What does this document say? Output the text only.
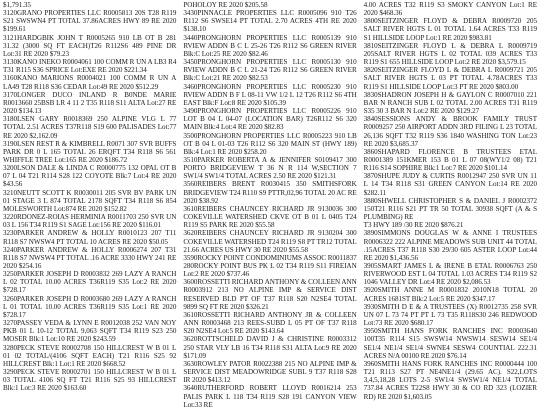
$1,791.35

3120GRANO PROPERTIES LLC R0005813 20S T28 R119 S21 SWSWN4 PT TOTAL 37.86ACRES HWY 89 RE 2020 $199.61

3121HARDGBIK JOHN T R0005265 910 LB OT B 281 31.32 (3000 SQ FT EACH)T26 R112S6 489 PINE DR Lot:31 RE 2020 $79.23

3130KANO INEKO R0004061 100 COMM R UN A LB3 R4 T31 R115 S36 SPRICE Lot:EXE RE 2020 $221.34

3160KANO MARIONS R0004021 100 COMM R UN A LA49 T28 R118 S36 CEDAR Lot:49 RE 2020 $512.29

3170LONGER DUCO INLAND R B0NDE MARIE R0013660 25BSB LR 4 11 2 T35 R118 S11 ALTA Lot:27 RE 2020 $134.13

3180LSEN GARY R0018369 250 ALPINE VLG L 77 TOTAL 2.51 ACRES T37R118 S19 600 PALISADES Lot:77 RE 2020 $2,162.09

3190LSEN REST R & KIMBRELL R0071 307 SVR BUFFS PARK DR 0 L 165 TOTAL 26 ERQFT T34 R118 S6 561 WHIFFLE TREE Lot:165 RE 2020 $186.72

3200LSON DALE & LINDA C R0000775 132 OPAL OT B 07 L 04 T21 R114 S28 122 COYOTE Blk:7 Lot:4 RE 2020 $43.56

3210NEUTT SCOTT K R0030011 205 SVR BV PARK UN 01 STAGE 3 L 874 TOTAL 2178 SQFT T34 R118 S6 854 MOLESWORTH Lot:874 RE 2020 $152.82

3220RDONEZ-ROIAS HERMINIA R0011703 250 SVR UN 03 L 156 T34 R119 S1 SAGE Lot:156 RE 2020 $116.01

3230PARKER ANDREW & HOLLY R0010123 207 T11 R118 S7 NWSW4 PT TOTAL 10 ACRES RE 2020 $50.05

3240PARKER ANDREW & HOLLY R0006274 207 T31 R118 S7 NWSW4 PT TOTAL .16 ACRE 3330 HWY 241 RE 2020 $254.16

3250PARKER JOSEPH D R0003832 269 LAZY A RANCH L 02 TOTAL 10.00 ACRES T36R119 S35 Lot:2 RE 2020 $728.17

3260PARKER JOSEPH D R0003680 269 LAZY A RANCH L 01 TOTAL 10.00 ACRES T36R119 S35 Lot:1 RE 2020 $728.17

3270PASSEY VEDA & LYNN E R0012038 252 VAN NOY PKB 01 L 10-12 TOTAL 9,063 SQFT T34 R119 S23 250 MOSER Blk:1 Lot:10 RE 2020 $243.59

3280PECK STEVE R0002708 150 HILLCREST W B 01 L 01 02 TOTAL/(4106 SQFT EACH) T21 R116 S25 92 HILLCREST Blk:1 Lot:1 RE 2020 $668.52

3290PECK STEVE R0002701 150 HILLCREST W B 01 L 03 TOTAL 4106 SQ FT T21 R116 S25 93 HILLCREST Blk:1 Lot:3 RE 2020 $163.60

POHOLOY RE 2020 $205.58

3430PINNACLE PROPERTIES LLC R0005096 910 T26 R112 S6 SWSE14 PT TOTAL 2.70 ACRES 4TH RE 2020 $138.10

3440PRONGHORN PROPERTIES LLC R0005139 910 RVIEW ADDN B C L 25-26 T26 R112 S6 GREEN RIVER Blk:C Lot:25 RE 2020 $82.46

3450PRONGHORN PROPERTIES LLC R0005130 910 RVIEW ADDN B C L 21-24 T26 R112 S6 GREEN RIVER Blk:C Lot:21 RE 2020 $82.53

3460PRONGHORN PROPERTIES LLC R0005230 910 RVIEW ADDN B F L 08-11 VW 1/2 L 12 T26 R112 S6 4TH EAST Blk:F Lot:8 RE 2020 $105.39

3490PRONGHORN PROPERTIES LLC R0005226 910 LOT B 04 L 04-07 (LOCATION BAR) T26R112 S6 320 MAIN Blk:4 Lot:4 RE 2020 $82.83

3500PRONGHORN PROPERTIES LLC R0005223 910 LB OT B 04 L 01-03 T26 R112 S6 320 MAIN ST (HWY 189) Blk:4 Lot:1 RE 2020 $258.20

3510PARKER ROBERTA A & JENNIFER S0109417 300 PORTO BRIDGEVIEW T 36 N R 114 W,SECTION 7 SW1/4 SW1/4 TOTAL ACRES 2.50 RE 2020 $121.31

3560REIBERS BRENT R0030415 350 SMITHSFORK BRIDGEVIEW T24 R110 S9 PTTR,02,96 TOTAL 20 AC RE 2020 $38.92

3610REIBERS CHAUNCEY RICHARD JR 9130036 300 COKEVILLE WATERSHED CKVE OT B 01 L 0405 T24 R119 S5 PARK RE 2020 $55.58

3620REIBERS CHAUNCEY RICHARD JR 9130204 300 COKEVILLE WATERSHED T24 R119 S8 PT TR12 TOTAL 21.66 ACRES US HWY 30 RE 2020 $55.58

3590ROCKY POINT CONDOMINIUMS ASSOC R0011837 280ROCKY POINT BUS PK L 02 T34 R119 S11 FIREIAN Lot:2 RE 2020 $737.46

3600ROSSETTI RICHARD ANTHONY & COLLEEN ANN R0003912 213 NO ALPINE IMP & SERVICE DIST RESERVED BLD PT OF T37 R118 S20 N2SE4 TOTAL 9899 SQ FT RE 2020 $326.21

3610ROSSETTI RICHARD ANTHONY JR & COLLEEN ANN R0003468 213 REES-SUBD L 05 PT OF T37 R118 S20 N2SE4 Lot:5 RE 2020 $143.64

3620ROTTSCHELD DAVID J & CHRISTINE R0003312 250 STAR VLY LB 16 T34 R118 S31 ALTA Lot:9 RE 2020 $171.09

3630ROWLEY PATOR R0022388 215 NO ALPINE IMP & SERVICE DIST MEADOWRIDGE SUBL 9 T37 R118 S28 IR 2020 $413.12

3640RUTHERFORD ROBERT LLOYD R0016214 253 PALIS PARK L 118 T34 R119 S28 191 CANYON VIEW Lot:33 RE

4.00 ACRES T32 R119 S3 SMOKY CANYON Lot:1 RE 2020 $468.36

3800SEITZINGER FLOYD & DEBRA R0009720 205 SALT RIVER HGTS L 01 TOTAL 1.64 ACRES T33 R119 S1 HILLSIDE LOOP Lot:1 RE 2020 $983.81

3810SEITZINGER FLOYD L & DEBRA L R0009719 205SALT RIVER HGTS L 02 TOTAL 039 ACRES T33 R119 S1 655 HILLSIDE LOOP Lot:2 RE 2020 $3,579.15

3820SEITZINGER FLOYD L & DEBRA L R0009721 205 SALT RIVER HGTS L 03 PT TOTAL 4.78ACRES T33 R119 S1 HILLSIDE LOOP Lot:3 PT RE 2020 $803.00

3830SHADRON JOSEPH H & GAYLON C R0007010 221 BAR N RANCH SUB L 02 TOTAL 2.00 ACRES T31 R119 S35 30 3 BAR N Lot:2 RE 2020 $129.27

3840SESSIONS ANDY & BROOK FAMILY TRUST R0009257 250 AIRPORT ADDN 3RD FILING L 23 TOTAL 26,136 SQFT T32 R119 S36 1840 WASHING TON Lot:23 RE 2020 $3,685.37

3860SHAPARD FLORENCE B TRUSTEES ETAL R0001389 151KMER 153 B 01 L 07 08(WY1/2 08) T21 R116 S14 SOPHIRE Blk:1 Lot:7 RE 2020 $101.14

3870SHUPE JUDY & CURTIS R0012947 250 SVR UN 11 L 14 T34 R118 S31 GREEN CANYON Lot:14 RE 2020 $282.11

3880SHWELL CHRISTOPHER S & DANIEL J R0002372 150T21 R116 S21 PT TR 50 TOTAL 30938 SQFT (A & S PLUMBING) RE

T3 HWY 189 /30 RE 2020 $876.21

3890SIMMONS DOUGLAS W & ANNE I TRUSTEES R0006322 222 ALPINE MEADOWS SUB UNIT 44 TOTAL .15ACRES T37 R118 S30 29/30 605 ASTER LOOP Lot:44 RE 2020 $1,436.56

3905SMART JAMES L & IRENE B ETAL R0006763 250 RIVERWOOD EST L 04 TOTAL 1.03 ACRES T34 R119 S2 1046 VALLEY DR Lot:4 RE 2020 $2,086.53

3920SMITH ANNE M R0001832 2010N18 TOTAL 20 ACRES 1681ST Blk:2 Lot:5 RE 2020 $347.17

3930SMITH D E & A TRUSTEES (X) R0012735 258 SVR UN 07 L 73 74 PT PT L 73 T35 R118S30 246 REDWOOD Lot:73 RE 2020 $680.17

3950SMITH HANS FORK RANCHES INC R0003640 100T35 R114 S15 SWSW14 NWSW14 SESW14 SE1/4 SE1/4 NE1/4 SE1/4 SWNE4 SESW4 COUNTIAL 222.31 ACRES N/A 00100 RE 2020 $76.14

3960SMITH HANS FORK RANCHES INC R0000444 100 T21 R113 S27 PT NE4NE1/4 (29.65 AC). S22,LOTS 3,4,5,18,28 LOTS 2-5 SW1/4 SWSW1/4 NE1/4 TOTAL 737.84 ACRES T22S8 HWY 30 & CO RD 323 (LOZIER RD) RE 2020 $1,603.05
